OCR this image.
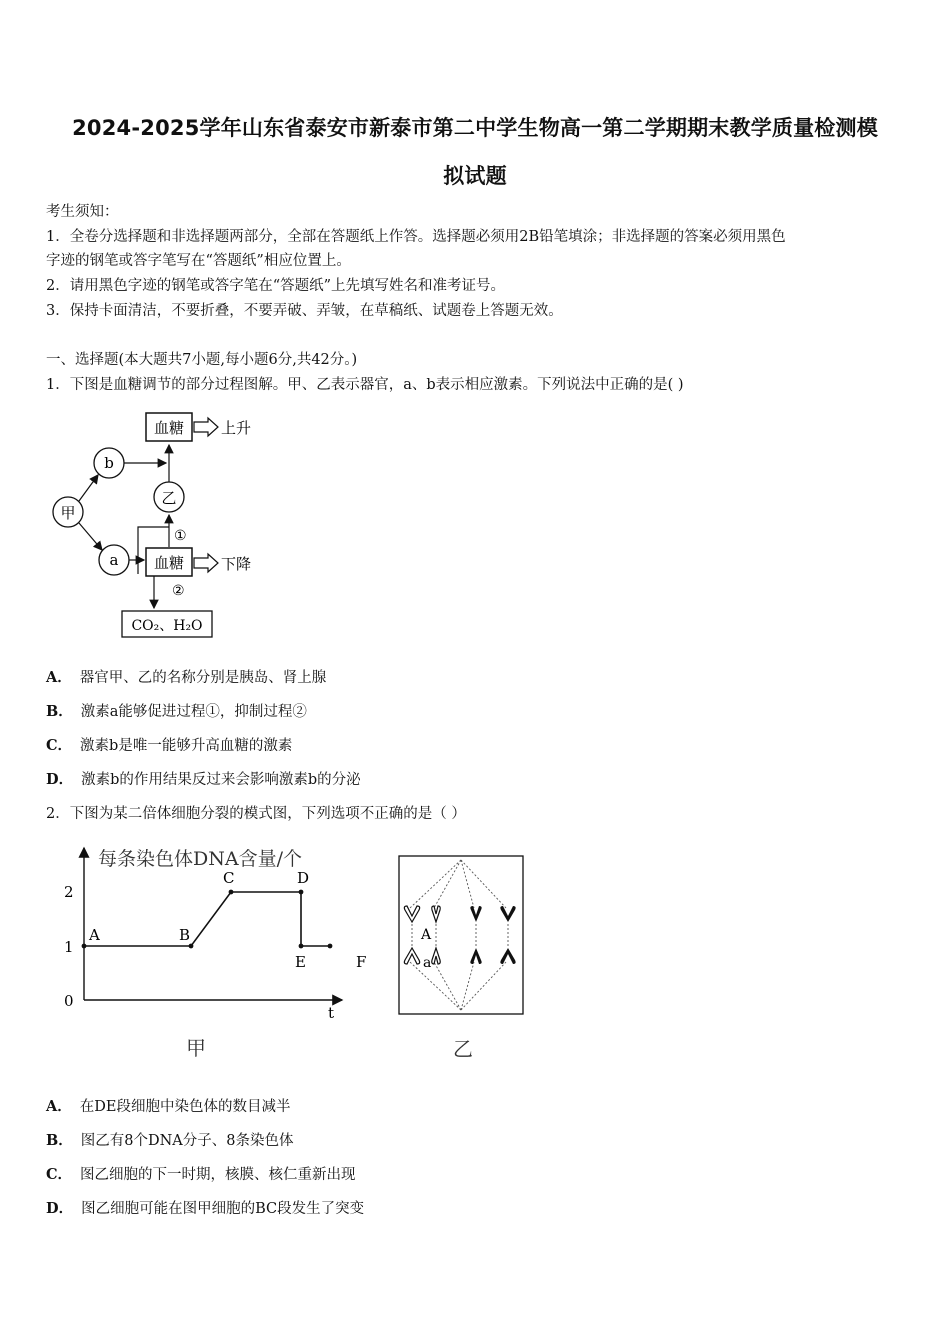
2024-2025学年山东省泰安市新泰市第二中学生物高一第二学期期末教学质量检测模
拟试题
考生须知：
1．全卷分选择题和非选择题两部分，全部在答题纸上作答。选择题必须用2B铅笔填涂；非选择题的答案必须用黑色
字迹的钢笔或答字笔写在“答题纸”相应位置上。
2．请用黑色字迹的钢笔或答字笔在“答题纸”上先填写姓名和准考证号。
3．保持卡面清洁，不要折叠，不要弄破、弄皱，在草稿纸、试题卷上答题无效。
一、选择题(本大题共7小题,每小题6分,共42分。)
1．下图是血糖调节的部分过程图解。甲、乙表示器官，a、b表示相应激素。下列说法中正确的是( )
血糖 上升
b
乙
甲
a
①
血糖 下降
②
CO₂、H₂O
A． 器官甲、乙的名称分别是胰岛、肾上腺
B． 激素a能够促进过程①，抑制过程②
C． 激素b是唯一能够升高血糖的激素
D． 激素b的作用结果反过来会影响激素b的分泌
2．下图为某二倍体细胞分裂的模式图，下列选项不正确的是（ ）
每条染色体DNA含量/个
2
1
0
t
A	B
C	D
E	F
甲
A
a
乙
A． 在DE段细胞中染色体的数目减半
B． 图乙有8个DNA分子、8条染色体
C． 图乙细胞的下一时期，核膜、核仁重新出现
D． 图乙细胞可能在图甲细胞的BC段发生了突变
